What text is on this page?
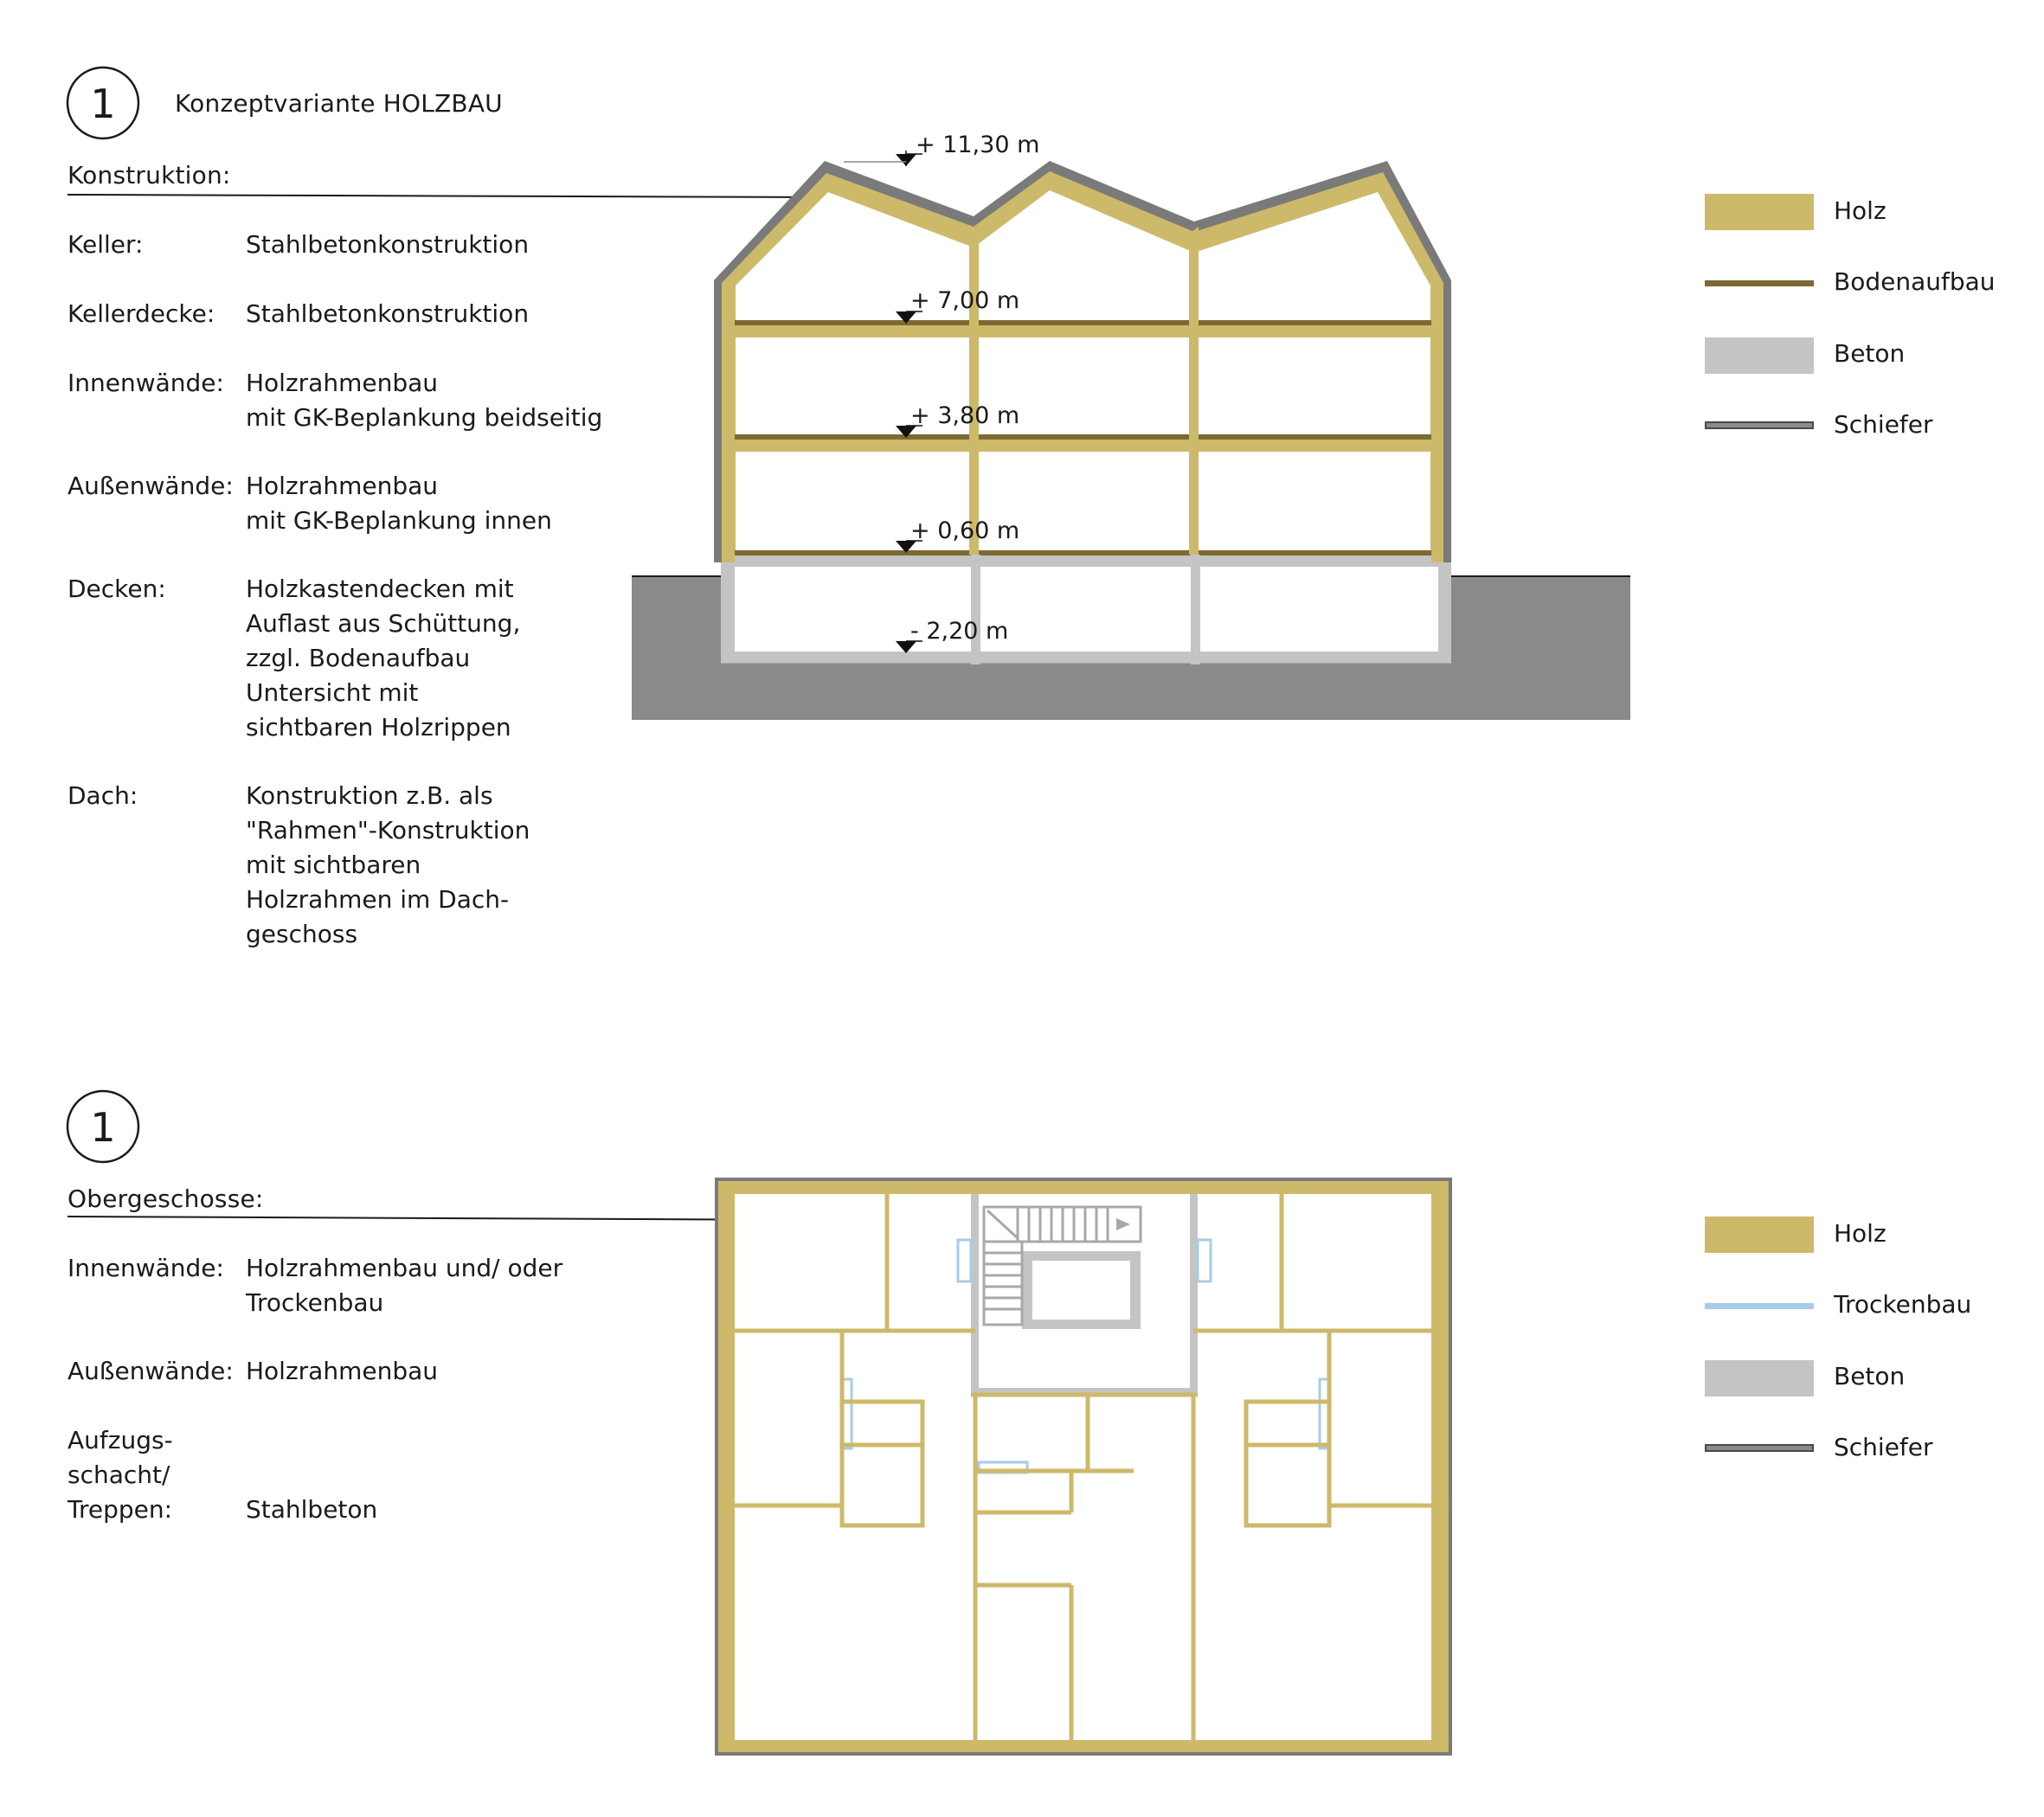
1 Konzeptvariante HOLZBAU
Konstruktion:
Keller:	Stahlbetonkonstruktion
Kellerdecke: Stahlbetonkonstruktion
Innenwände: Holzrahmenbau
mit GK-Beplankung beidseitig
Außenwände: Holzrahmenbau
mit GK-Beplankung innen
Decken:	Holzkastendecken mit
Auflast aus Schüttung,
zzgl. Bodenaufbau
Untersicht mit
sichtbaren Holzrippen
Dach:	Konstruktion z.B. als
"Rahmen"-Konstruktion
mit sichtbaren
Holzrahmen im Dach-
geschoss
+ 11,30 m
+ 7,00 m
+ 3,80 m
+ 0,60 m
- 2,20 m
Holz
Bodenaufbau
Beton
Schiefer
1
Obergeschosse:
Innenwände: Holzrahmenbau und/ oder
Trockenbau
Außenwände: Holzrahmenbau
Aufzugs-
schacht/
Treppen:	Stahlbeton
Holz
Trockenbau
Beton
Schiefer
